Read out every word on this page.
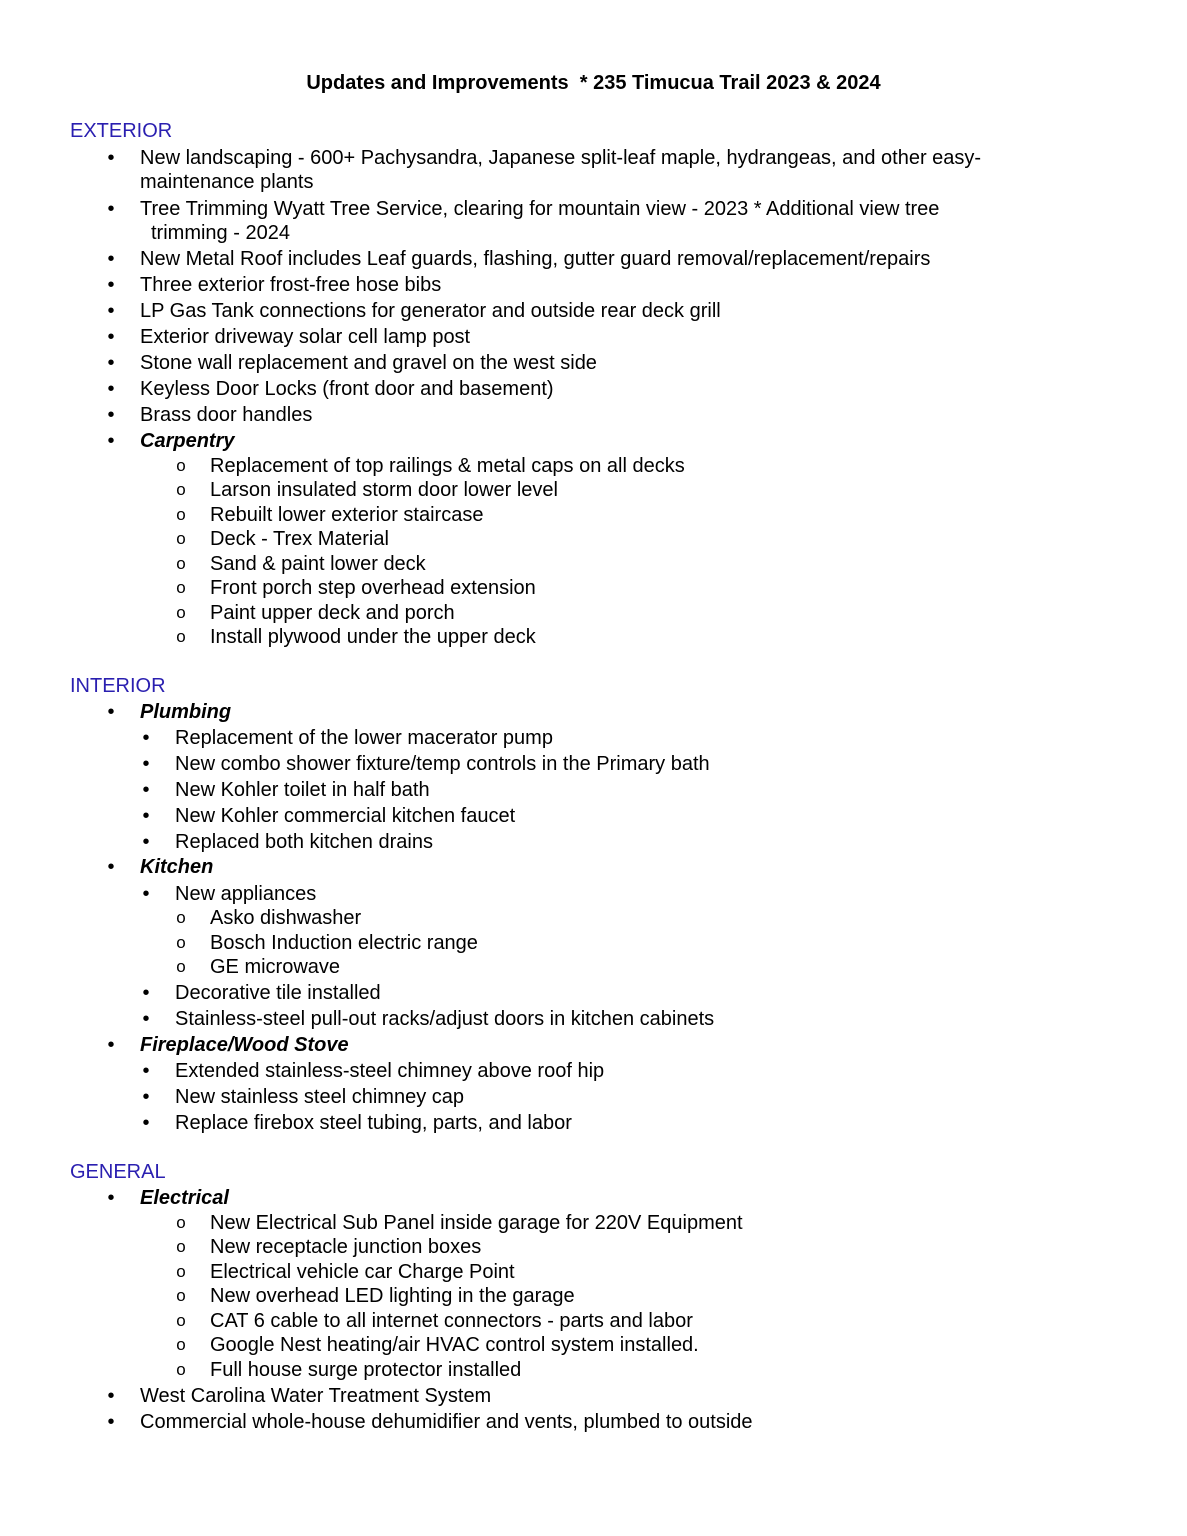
Updates and Improvements  * 235 Timucua Trail 2023 & 2024
EXTERIOR
• New landscaping - 600+ Pachysandra, Japanese split-leaf maple, hydrangeas, and other easy-
maintenance plants
• Tree Trimming Wyatt Tree Service, clearing for mountain view - 2023 * Additional view tree
trimming - 2024
• New Metal Roof includes Leaf guards, flashing, gutter guard removal/replacement/repairs
• Three exterior frost-free hose bibs
• LP Gas Tank connections for generator and outside rear deck grill
• Exterior driveway solar cell lamp post
• Stone wall replacement and gravel on the west side
• Keyless Door Locks (front door and basement)
• Brass door handles
• Carpentry
o Replacement of top railings & metal caps on all decks
o Larson insulated storm door lower level
o Rebuilt lower exterior staircase
o Deck - Trex Material
o Sand & paint lower deck
o Front porch step overhead extension
o Paint upper deck and porch
o Install plywood under the upper deck
INTERIOR
• Plumbing
• Replacement of the lower macerator pump
• New combo shower fixture/temp controls in the Primary bath
• New Kohler toilet in half bath
• New Kohler commercial kitchen faucet
• Replaced both kitchen drains
• Kitchen
• New appliances
o Asko dishwasher
o Bosch Induction electric range
o GE microwave
• Decorative tile installed
• Stainless-steel pull-out racks/adjust doors in kitchen cabinets
• Fireplace/Wood Stove
• Extended stainless-steel chimney above roof hip
• New stainless steel chimney cap
• Replace firebox steel tubing, parts, and labor
GENERAL
• Electrical
o New Electrical Sub Panel inside garage for 220V Equipment
o New receptacle junction boxes
o Electrical vehicle car Charge Point
o New overhead LED lighting in the garage
o CAT 6 cable to all internet connectors - parts and labor
o Google Nest heating/air HVAC control system installed.
o Full house surge protector installed
• West Carolina Water Treatment System
• Commercial whole-house dehumidifier and vents, plumbed to outside
